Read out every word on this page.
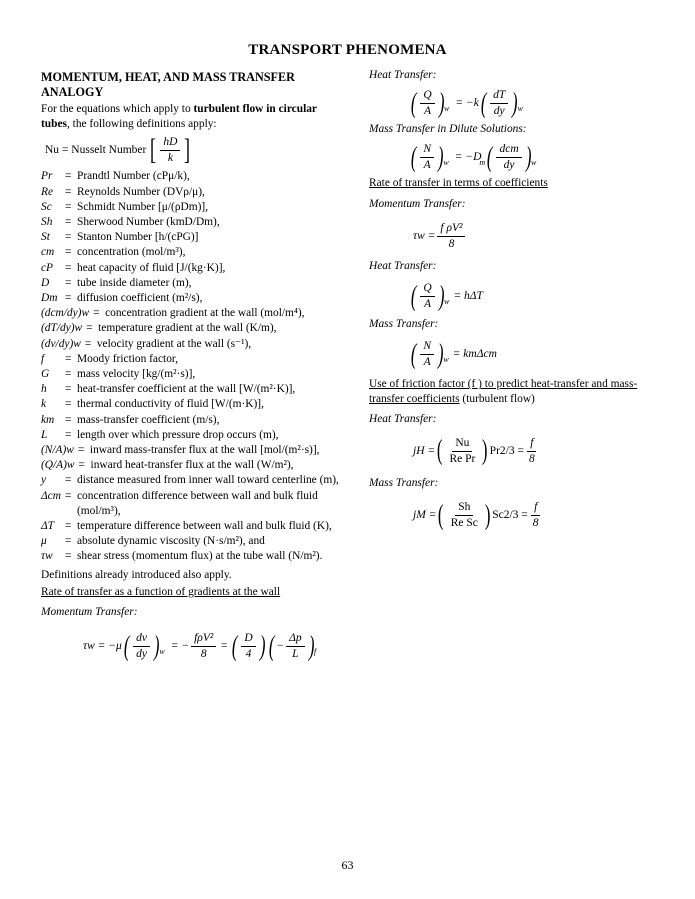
TRANSPORT PHENOMENA
MOMENTUM, HEAT, AND MASS TRANSFER ANALOGY

For the equations which apply to turbulent flow in circular tubes, the following definitions apply:

Nu = Nusselt Number [ $\frac{hD}{k}$ ]
Pr	= Prandtl Number (cPμ/k),
Re	= Reynolds Number (DVρ/μ),
Sc	= Schmidt Number [μ/(ρDm)],
Sh	= Sherwood Number (kmD/Dm),
St	= Stanton Number [h/(cPG)]
cm = concentration (mol/m³),
cP	= heat capacity of fluid [J/(kg·K)],
D	= tube inside diameter (m),
Dm = diffusion coefficient (m²/s),
(dcm/dy)w = concentration gradient at the wall (mol/m⁴),
(dT/dy)w = temperature gradient at the wall (K/m),
(dv/dy)w = velocity gradient at the wall (s⁻¹),
f	= Moody friction factor,
G	= mass velocity [kg/(m²·s)],
h	= heat-transfer coefficient at the wall [W/(m²·K)],
k	= thermal conductivity of fluid [W/(m·K)],
km = mass-transfer coefficient (m/s),
L	= length over which pressure drop occurs (m),
(N/A)w = inward mass-transfer flux at the wall [mol/(m²·s)],
(Q/A)w = inward heat-transfer flux at the wall (W/m²),
y	= distance measured from inner wall toward centerline (m),
Δcm = concentration difference between wall and bulk fluid (mol/m³),
ΔT = temperature difference between wall and bulk fluid (K),
μ	= absolute dynamic viscosity (N·s/m²), and
τw	= shear stress (momentum flux) at the tube wall (N/m²).

Definitions already introduced also apply.

Rate of transfer as a function of gradients at the wall

Momentum Transfer:

τw = −μ ( $\frac{dv}{dy}$ ) w = − $\frac{\text{fρV²}}{8}$ = ( $\frac{D}{4}$ ) ( − $\frac{\Delta p}{L}$ ) f

Heat Transfer:

( $\frac{Q}{A}$ ) w = −k ( $\frac{dT}{dy}$ ) w

Mass Transfer in Dilute Solutions:

( $\frac{N}{A}$ ) w = −D
m ( $\frac{\text{dcm}}{dy}$ ) w

Rate of transfer in terms of coefficients

Momentum Transfer:

$\tau w = \frac{\text{f ρV²}}{8}$

Heat Transfer:

( $\frac{Q}{A}$ ) w = hΔT

Mass Transfer:

( $\frac{N}{A}$ ) w = kmΔcm

Use of friction factor (f ) to predict heat-transfer and mass-transfer coefficients (turbulent flow)

Heat Transfer:

jH = ( $\frac{Nu}{\text{Re Pr}}$ ) $Pr2/3 = \frac{f}{8}$

Mass Transfer:

jM = ( $\frac{Sh}{\text{Re Sc}}$ ) $Sc2/3 = \frac{f}{8}$
63
